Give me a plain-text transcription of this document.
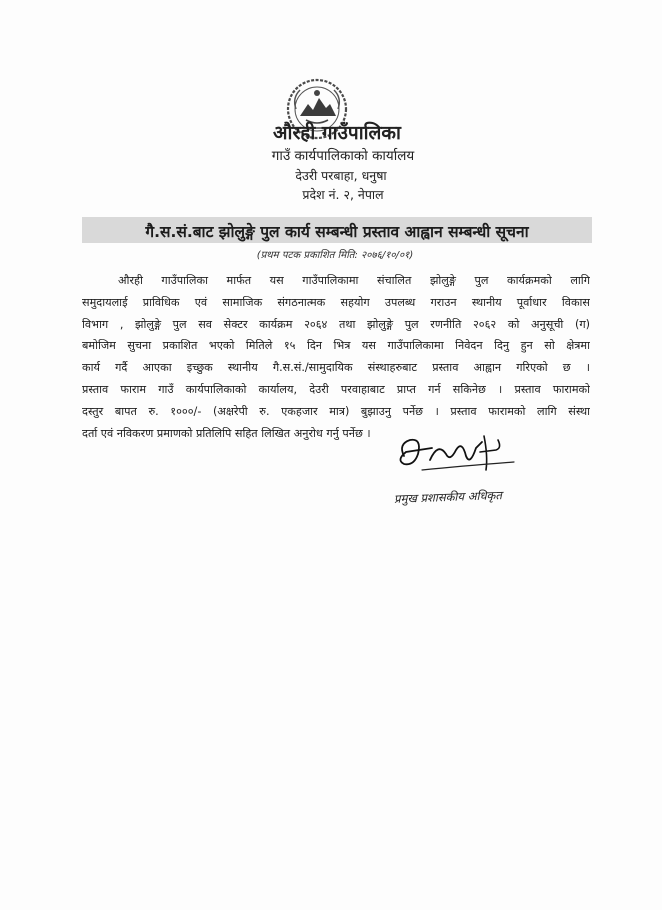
औरही गाउँपालिका
गाउँ कार्यपालिकाको कार्यालय
देउरी परबाहा, धनुषा
प्रदेश नं. २, नेपाल
गै.स.सं.बाट झोलुङ्गे पुल कार्य सम्बन्धी प्रस्ताव आह्वान सम्बन्धी सूचना
(प्रथम पटक प्रकाशित मिति: २०७६/१०/०१)
औरही गाउँपालिका मार्फत यस गाउँपालिकामा संचालित झोलुङ्गे पुल कार्यक्रमको लागि
समुदायलाई प्राविधिक एवं सामाजिक संगठनात्मक सहयोग उपलब्ध गराउन स्थानीय पूर्वाधार विकास
विभाग , झोलुङ्गे पुल सव सेक्टर कार्यक्रम २०६४ तथा झोलुङ्गे पुल रणनीति २०६२ को अनुसूची (ग)
बमोजिम सुचना प्रकाशित भएको मितिले १५ दिन भित्र यस गाउँपालिकामा निवेदन दिनु हुन सो क्षेत्रमा
कार्य गर्दै आएका इच्छुक स्थानीय गै.स.सं./सामुदायिक संस्थाहरुबाट प्रस्ताव आह्वान गरिएको छ ।
प्रस्ताव फाराम गाउँ कार्यपालिकाको कार्यालय, देउरी परवाहाबाट प्राप्त गर्न सकिनेछ । प्रस्ताव फारामको
दस्तुर बापत रु. १०००/- (अक्षरेपी रु. एकहजार मात्र) बुझाउनु पर्नेछ । प्रस्ताव फारामको लागि संस्था
दर्ता एवं नविकरण प्रमाणको प्रतिलिपि सहित लिखित अनुरोध गर्नु पर्नेछ ।
प्रमुख प्रशासकीय अधिकृत
